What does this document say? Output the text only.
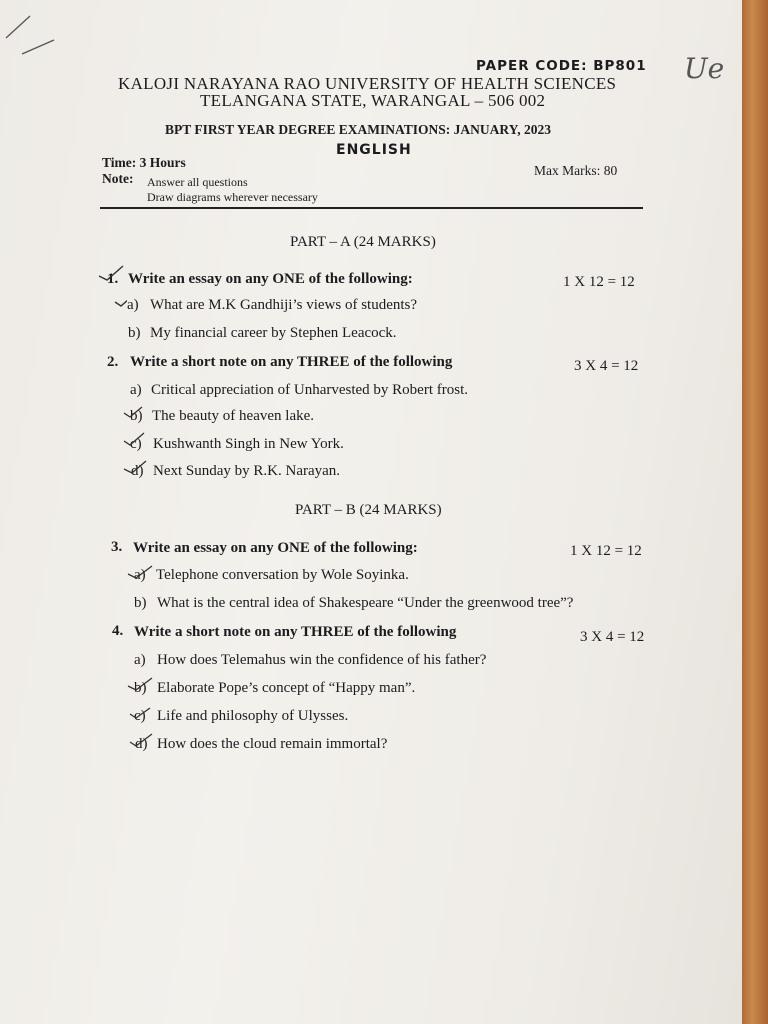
Ue
PAPER CODE: BP801
KALOJI NARAYANA RAO UNIVERSITY OF HEALTH SCIENCES
TELANGANA STATE, WARANGAL – 506 002
BPT FIRST YEAR DEGREE EXAMINATIONS: JANUARY, 2023
ENGLISH
Time: 3 Hours
Max Marks: 80
Note: Answer all questions
Draw diagrams wherever necessary
PART – A (24 MARKS)
1. Write an essay on any ONE of the following:	1 X 12 = 12
a) What are M.K Gandhiji’s views of students?
b) My financial career by Stephen Leacock.
2. Write a short note on any THREE of the following	3 X 4 = 12
a) Critical appreciation of Unharvested by Robert frost.
b) The beauty of heaven lake.
c) Kushwanth Singh in New York.
d) Next Sunday by R.K. Narayan.
PART – B (24 MARKS)
3. Write an essay on any ONE of the following:	1 X 12 = 12
a) Telephone conversation by Wole Soyinka.
b) What is the central idea of Shakespeare “Under the greenwood tree”?
4. Write a short note on any THREE of the following	3 X 4 = 12
a) How does Telemahus win the confidence of his father?
b) Elaborate Pope’s concept of “Happy man”.
c) Life and philosophy of Ulysses.
d) How does the cloud remain immortal?
